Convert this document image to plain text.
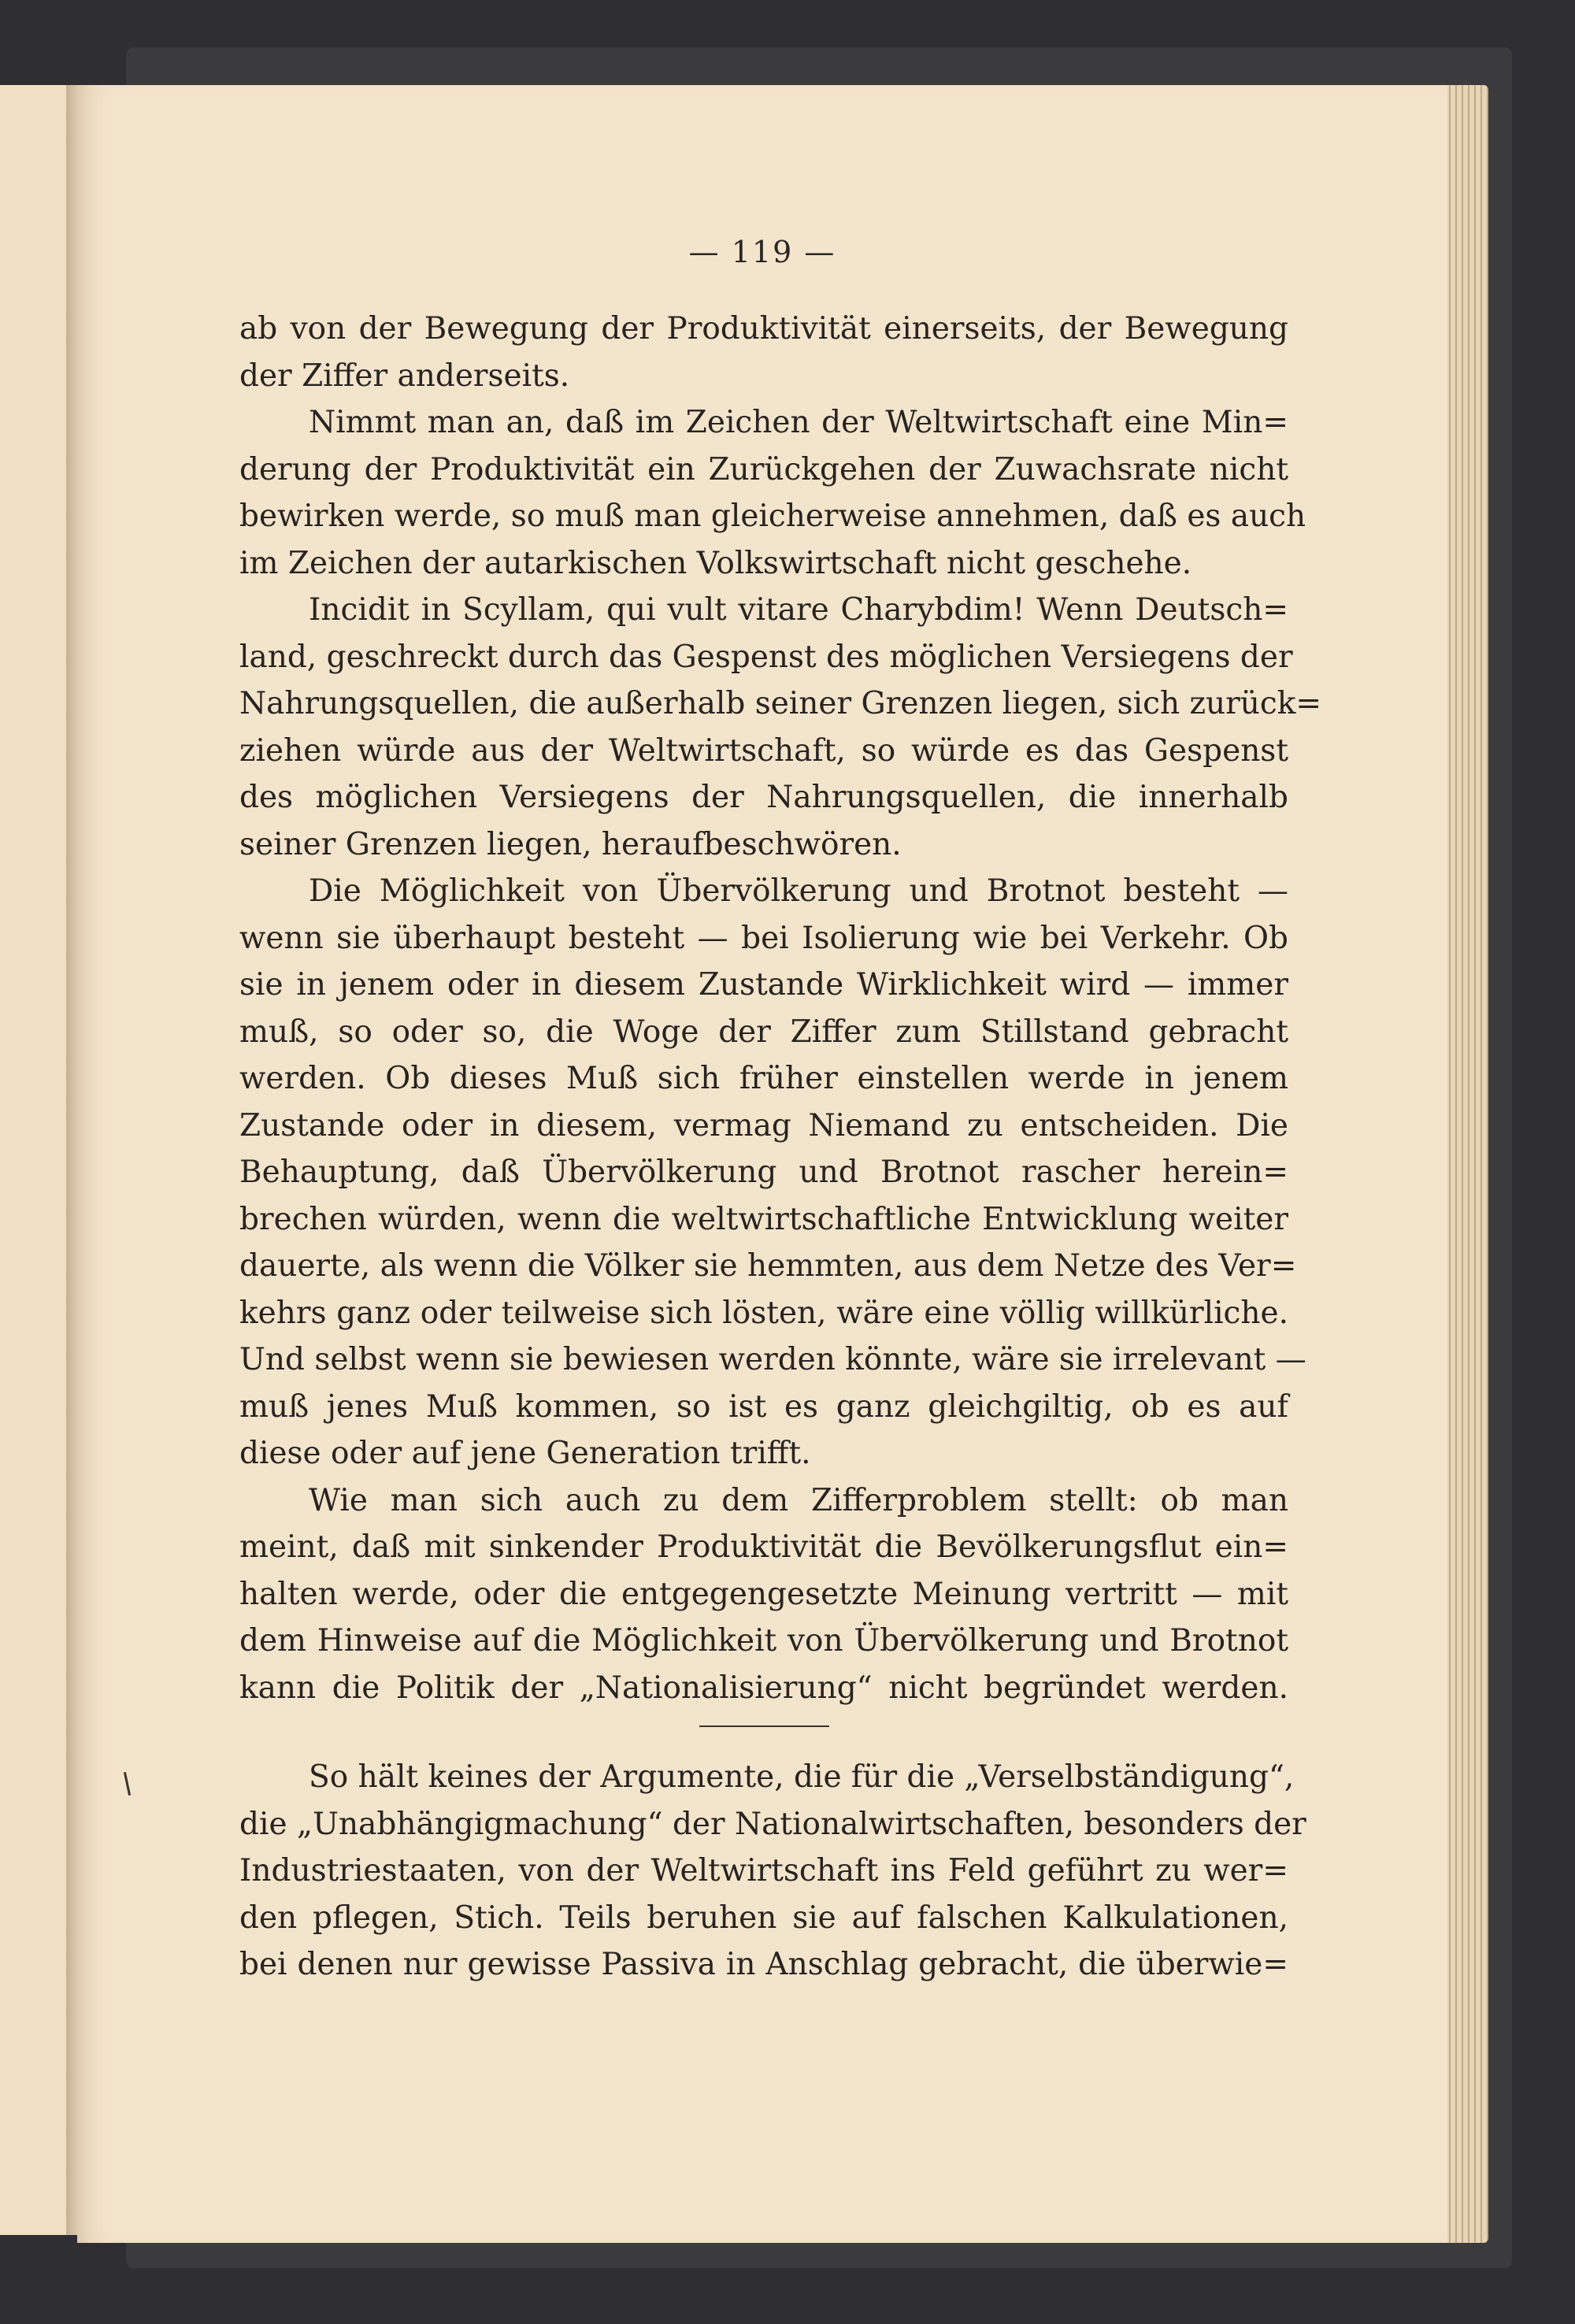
— 119 —
ab von der Bewegung der Produktivität einerseits, der Bewegung
der Ziffer anderseits.
Nimmt man an, daß im Zeichen der Weltwirtschaft eine Min=
derung der Produktivität ein Zurückgehen der Zuwachsrate nicht
bewirken werde, so muß man gleicherweise annehmen, daß es auch
im Zeichen der autarkischen Volkswirtschaft nicht geschehe.
Incidit in Scyllam, qui vult vitare Charybdim! Wenn Deutsch=
land, geschreckt durch das Gespenst des möglichen Versiegens der
Nahrungsquellen, die außerhalb seiner Grenzen liegen, sich zurück=
ziehen würde aus der Weltwirtschaft, so würde es das Gespenst
des möglichen Versiegens der Nahrungsquellen, die innerhalb
seiner Grenzen liegen, heraufbeschwören.
Die Möglichkeit von Übervölkerung und Brotnot besteht —
wenn sie überhaupt besteht — bei Isolierung wie bei Verkehr. Ob
sie in jenem oder in diesem Zustande Wirklichkeit wird — immer
muß, so oder so, die Woge der Ziffer zum Stillstand gebracht
werden. Ob dieses Muß sich früher einstellen werde in jenem
Zustande oder in diesem, vermag Niemand zu entscheiden. Die
Behauptung, daß Übervölkerung und Brotnot rascher herein=
brechen würden, wenn die weltwirtschaftliche Entwicklung weiter
dauerte, als wenn die Völker sie hemmten, aus dem Netze des Ver=
kehrs ganz oder teilweise sich lösten, wäre eine völlig willkürliche.
Und selbst wenn sie bewiesen werden könnte, wäre sie irrelevant —
muß jenes Muß kommen, so ist es ganz gleichgiltig, ob es auf
diese oder auf jene Generation trifft.
Wie man sich auch zu dem Zifferproblem stellt: ob man
meint, daß mit sinkender Produktivität die Bevölkerungsflut ein=
halten werde, oder die entgegengesetzte Meinung vertritt — mit
dem Hinweise auf die Möglichkeit von Übervölkerung und Brotnot
kann die Politik der „Nationalisierung“ nicht begründet werden.
So hält keines der Argumente, die für die „Verselbständigung“,
die „Unabhängigmachung“ der Nationalwirtschaften, besonders der
Industriestaaten, von der Weltwirtschaft ins Feld geführt zu wer=
den pflegen, Stich. Teils beruhen sie auf falschen Kalkulationen,
bei denen nur gewisse Passiva in Anschlag gebracht, die überwie=
